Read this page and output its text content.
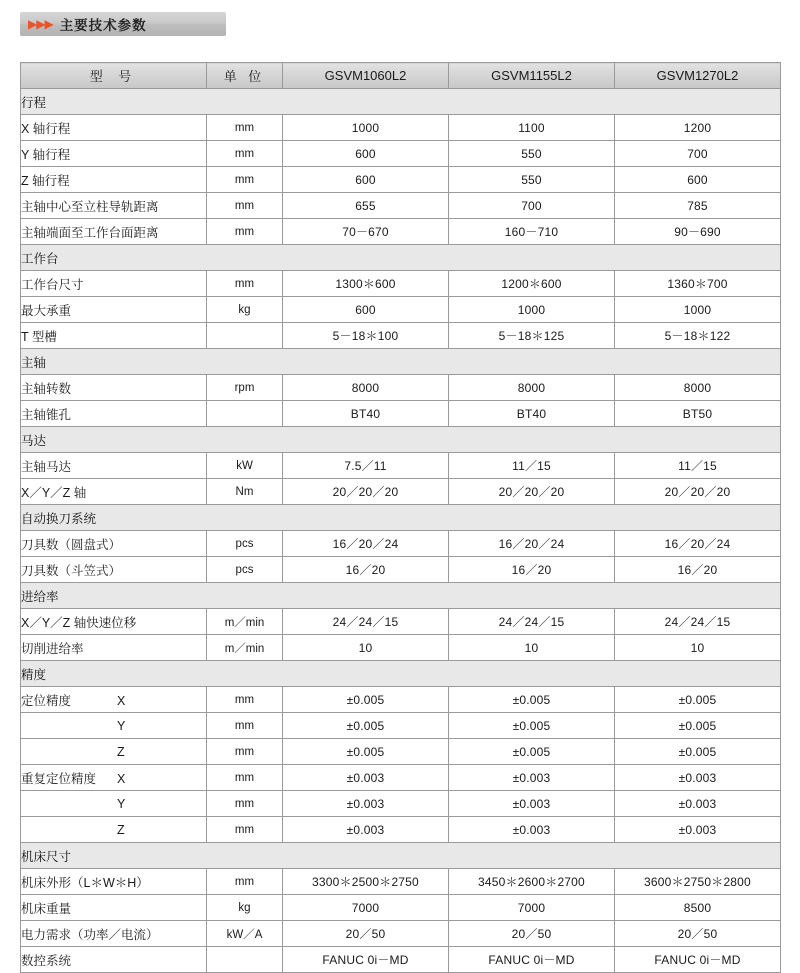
▶▶▶ 主要技术参数
型 号	单 位	GSVM1060L2	GSVM1155L2	GSVM1270L2
行程				
X 轴行程	mm	1000	1100	1200
Y 轴行程	mm	600	550	700
Z 轴行程	mm	600	550	600
主轴中心至立柱导轨距离	mm	655	700	785
主轴端面至工作台面距离	mm	70－670	160－710	90－690
工作台				
工作台尺寸	mm	1300＊600	1200＊600	1360＊700
最大承重	kg	600	1000	1000
T 型槽		5－18＊100	5－18＊125	5－18＊122
主轴				
主轴转数	rpm	8000	8000	8000
主轴锥孔		BT40	BT40	BT50
马达				
主轴马达	kW	7.5／11	11／15	11／15
X／Y／Z 轴	Nm	20／20／20	20／20／20	20／20／20
自动换刀系统				
刀具数（圆盘式）	pcs	16／20／24	16／20／24	16／20／24
刀具数（斗笠式）	pcs	16／20	16／20	16／20
进给率				
X／Y／Z 轴快速位移	m／min	24／24／15	24／24／15	24／24／15
切削进给率	m／min	10	10	10
精度				
定位精度 X	mm	±0.005	±0.005	±0.005
Y	mm	±0.005	±0.005	±0.005
Z	mm	±0.005	±0.005	±0.005
重复定位精度 X	mm	±0.003	±0.003	±0.003
Y	mm	±0.003	±0.003	±0.003
Z	mm	±0.003	±0.003	±0.003
机床尺寸				
机床外形（L＊W＊H）	mm	3300＊2500＊2750	3450＊2600＊2700	3600＊2750＊2800
机床重量	kg	7000	7000	8500
电力需求（功率／电流）	kW／A	20／50	20／50	20／50
数控系统		FANUC 0i－MD	FANUC 0i－MD	FANUC 0i－MD
